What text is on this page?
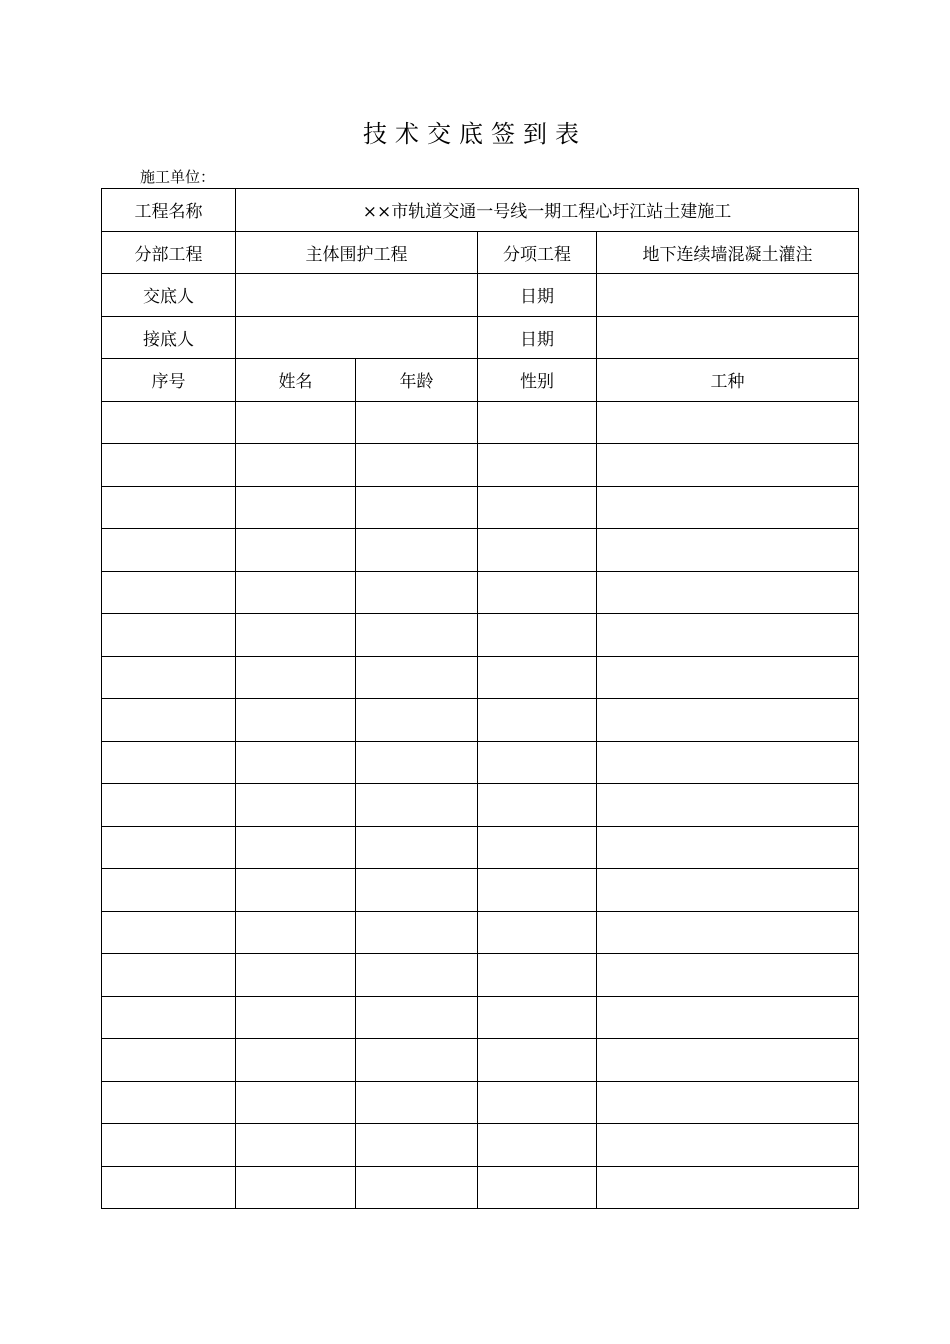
技术交底签到表
施工单位：
工程名称	××市轨道交通一号线一期工程心圩江站土建施工			
分部工程	主体围护工程		分项工程	地下连续墙混凝土灌注
交底人			日期	
接底人			日期	
序号	姓名	年龄	性别	工种
